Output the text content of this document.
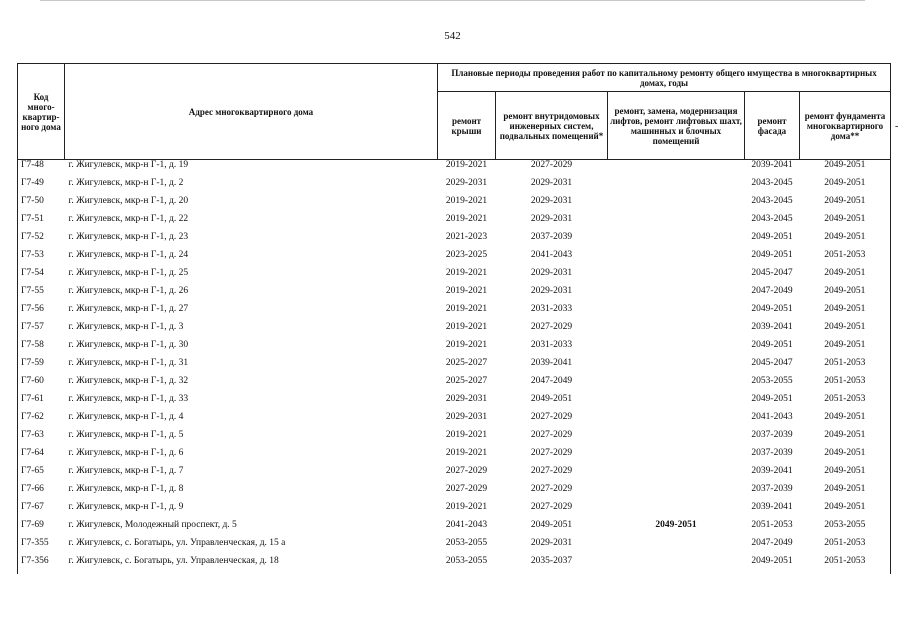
542
Код много-квартир-ного дома	Адрес многоквартирного дома	Плановые периоды проведения работ по капитальному ремонту общего имущества в многоквартирных домах, годы				
		ремонт крыши	ремонт внутридомовых инженерных систем, подвальных помещений*	ремонт, замена, модернизация лифтов, ремонт лифтовых шахт, машинных и блочных помещений	ремонт фасада	ремонт фундамента многоквартирного дома**
Г7-48	г. Жигулевск, мкр-н Г-1, д. 19	2019-2021	2027-2029		2039-2041	2049-2051
Г7-49	г. Жигулевск, мкр-н Г-1, д. 2	2029-2031	2029-2031		2043-2045	2049-2051
Г7-50	г. Жигулевск, мкр-н Г-1, д. 20	2019-2021	2029-2031		2043-2045	2049-2051
Г7-51	г. Жигулевск, мкр-н Г-1, д. 22	2019-2021	2029-2031		2043-2045	2049-2051
Г7-52	г. Жигулевск, мкр-н Г-1, д. 23	2021-2023	2037-2039		2049-2051	2049-2051
Г7-53	г. Жигулевск, мкр-н Г-1, д. 24	2023-2025	2041-2043		2049-2051	2051-2053
Г7-54	г. Жигулевск, мкр-н Г-1, д. 25	2019-2021	2029-2031		2045-2047	2049-2051
Г7-55	г. Жигулевск, мкр-н Г-1, д. 26	2019-2021	2029-2031		2047-2049	2049-2051
Г7-56	г. Жигулевск, мкр-н Г-1, д. 27	2019-2021	2031-2033		2049-2051	2049-2051
Г7-57	г. Жигулевск, мкр-н Г-1, д. 3	2019-2021	2027-2029		2039-2041	2049-2051
Г7-58	г. Жигулевск, мкр-н Г-1, д. 30	2019-2021	2031-2033		2049-2051	2049-2051
Г7-59	г. Жигулевск, мкр-н Г-1, д. 31	2025-2027	2039-2041		2045-2047	2051-2053
Г7-60	г. Жигулевск, мкр-н Г-1, д. 32	2025-2027	2047-2049		2053-2055	2051-2053
Г7-61	г. Жигулевск, мкр-н Г-1, д. 33	2029-2031	2049-2051		2049-2051	2051-2053
Г7-62	г. Жигулевск, мкр-н Г-1, д. 4	2029-2031	2027-2029		2041-2043	2049-2051
Г7-63	г. Жигулевск, мкр-н Г-1, д. 5	2019-2021	2027-2029		2037-2039	2049-2051
Г7-64	г. Жигулевск, мкр-н Г-1, д. 6	2019-2021	2027-2029		2037-2039	2049-2051
Г7-65	г. Жигулевск, мкр-н Г-1, д. 7	2027-2029	2027-2029		2039-2041	2049-2051
Г7-66	г. Жигулевск, мкр-н Г-1, д. 8	2027-2029	2027-2029		2037-2039	2049-2051
Г7-67	г. Жигулевск, мкр-н Г-1, д. 9	2019-2021	2027-2029		2039-2041	2049-2051
Г7-69	г. Жигулевск, Молодежный проспект, д. 5	2041-2043	2049-2051	2049-2051	2051-2053	2053-2055
Г7-355	г. Жигулевск, с. Богатырь, ул. Управленческая, д. 15 а	2053-2055	2029-2031		2047-2049	2051-2053
Г7-356	г. Жигулевск, с. Богатырь, ул. Управленческая, д. 18	2053-2055	2035-2037		2049-2051	2051-2053
-
